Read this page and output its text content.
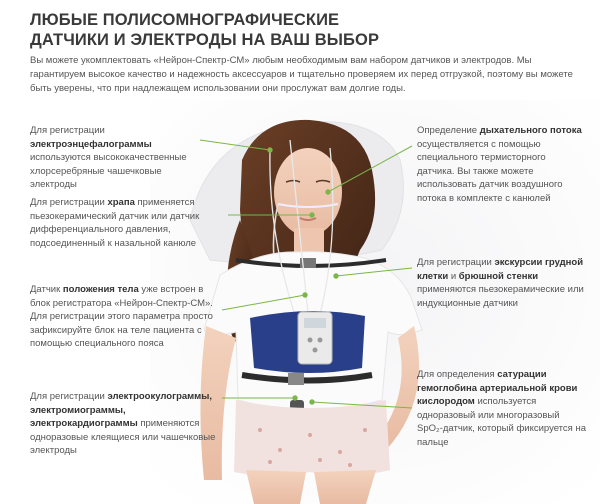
ЛЮБЫЕ ПОЛИСОМНОГРАФИЧЕСКИЕ
ДАТЧИКИ И ЭЛЕКТРОДЫ НА ВАШ ВЫБОР
Вы можете укомплектовать «Нейрон-Спектр-СМ» любым необходимым вам набором датчиков и электродов. Мы гарантируем высокое качество и надежность аксессуаров и тщательно проверяем их перед отгрузкой, поэтому вы можете быть уверены, что при надлежащем использовании они прослужат вам долгие годы.
Для регистрации электроэнцефалограммы используются высококачественные хлорсеребряные чашечковые электроды
Для регистрации храпа применяется пьезокерамический датчик или датчик дифференциального давления, подсоединенный к назальной канюле
Датчик положения тела уже встроен в блок регистратора «Нейрон-Спектр-СМ». Для регистрации этого параметра просто зафиксируйте блок на теле пациента с помощью специального пояса
Для регистрации электроокулограммы, электромиограммы, электрокардиограммы применяются одноразовые клеящиеся или чашечковые электроды
Определение дыхательного потока осуществляется с помощью специального термисторного датчика. Вы также можете использовать датчик воздушного потока в комплекте с канюлей
Для регистрации экскурсии грудной клетки и брюшной стенки применяются пьезокерамические или индукционные датчики
Для определения сатурации гемоглобина артериальной крови кислородом используется одноразовый или многоразовый SpO₂-датчик, который фиксируется на пальце
